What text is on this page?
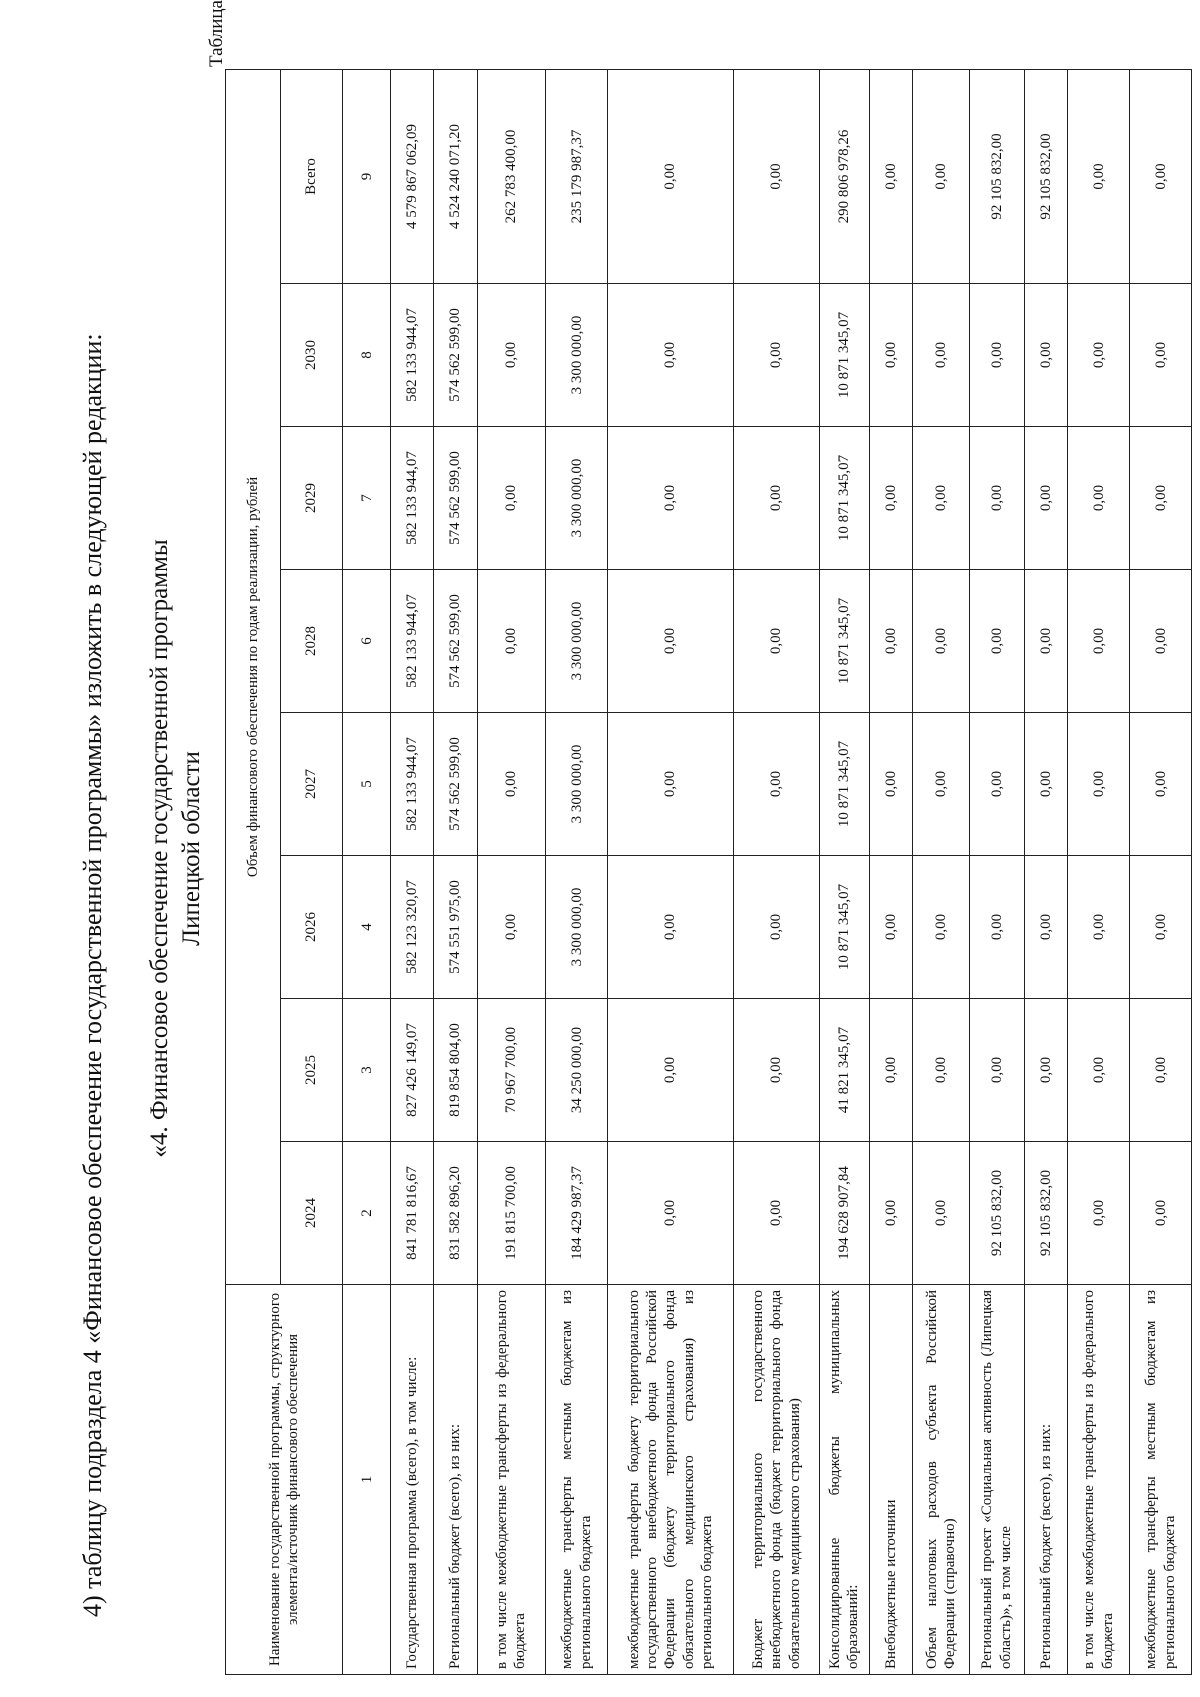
4) таблицу подраздела 4 «Финансовое обеспечение государственной программы» изложить в следующей редакции: «4. Финансовое обеспечение государственной программы Липецкой области
Таблица
Наименование государственной программы, структурного элемента/источник финансового обеспечения	Объем финансового обеспечения по годам реализации, рублей							
	2024	2025	2026	2027	2028	2029	2030	Всего
1	2	3	4	5	6	7	8	9
Государственная программа (всего), в том числе:	841 781 816,67	827 426 149,07	582 123 320,07	582 133 944,07	582 133 944,07	582 133 944,07	582 133 944,07	4 579 867 062,09
Региональный бюджет (всего), из них:	831 582 896,20	819 854 804,00	574 551 975,00	574 562 599,00	574 562 599,00	574 562 599,00	574 562 599,00	4 524 240 071,20
в том числе межбюджетные трансферты из федерального бюджета	191 815 700,00	70 967 700,00	0,00	0,00	0,00	0,00	0,00	262 783 400,00
межбюджетные трансферты местным бюджетам из регионального бюджета	184 429 987,37	34 250 000,00	3 300 000,00	3 300 000,00	3 300 000,00	3 300 000,00	3 300 000,00	235 179 987,37
межбюджетные трансферты бюджету территориального государственного внебюджетного фонда Российской Федерации (бюджету территориального фонда обязательного медицинского страхования) из регионального бюджета	0,00	0,00	0,00	0,00	0,00	0,00	0,00	0,00
Бюджет территориального государственного внебюджетного фонда (бюджет территориального фонда обязательного медицинского страхования)	0,00	0,00	0,00	0,00	0,00	0,00	0,00	0,00
Консолидированные бюджеты муниципальных образований:	194 628 907,84	41 821 345,07	10 871 345,07	10 871 345,07	10 871 345,07	10 871 345,07	10 871 345,07	290 806 978,26
Внебюджетные источники	0,00	0,00	0,00	0,00	0,00	0,00	0,00	0,00
Объем налоговых расходов субъекта Российской Федерации (справочно)	0,00	0,00	0,00	0,00	0,00	0,00	0,00	0,00
Региональный проект «Социальная активность (Липецкая область)», в том числе	92 105 832,00	0,00	0,00	0,00	0,00	0,00	0,00	92 105 832,00
Региональный бюджет (всего), из них:	92 105 832,00	0,00	0,00	0,00	0,00	0,00	0,00	92 105 832,00
в том числе межбюджетные трансферты из федерального бюджета	0,00	0,00	0,00	0,00	0,00	0,00	0,00	0,00
межбюджетные трансферты местным бюджетам из регионального бюджета	0,00	0,00	0,00	0,00	0,00	0,00	0,00	0,00
